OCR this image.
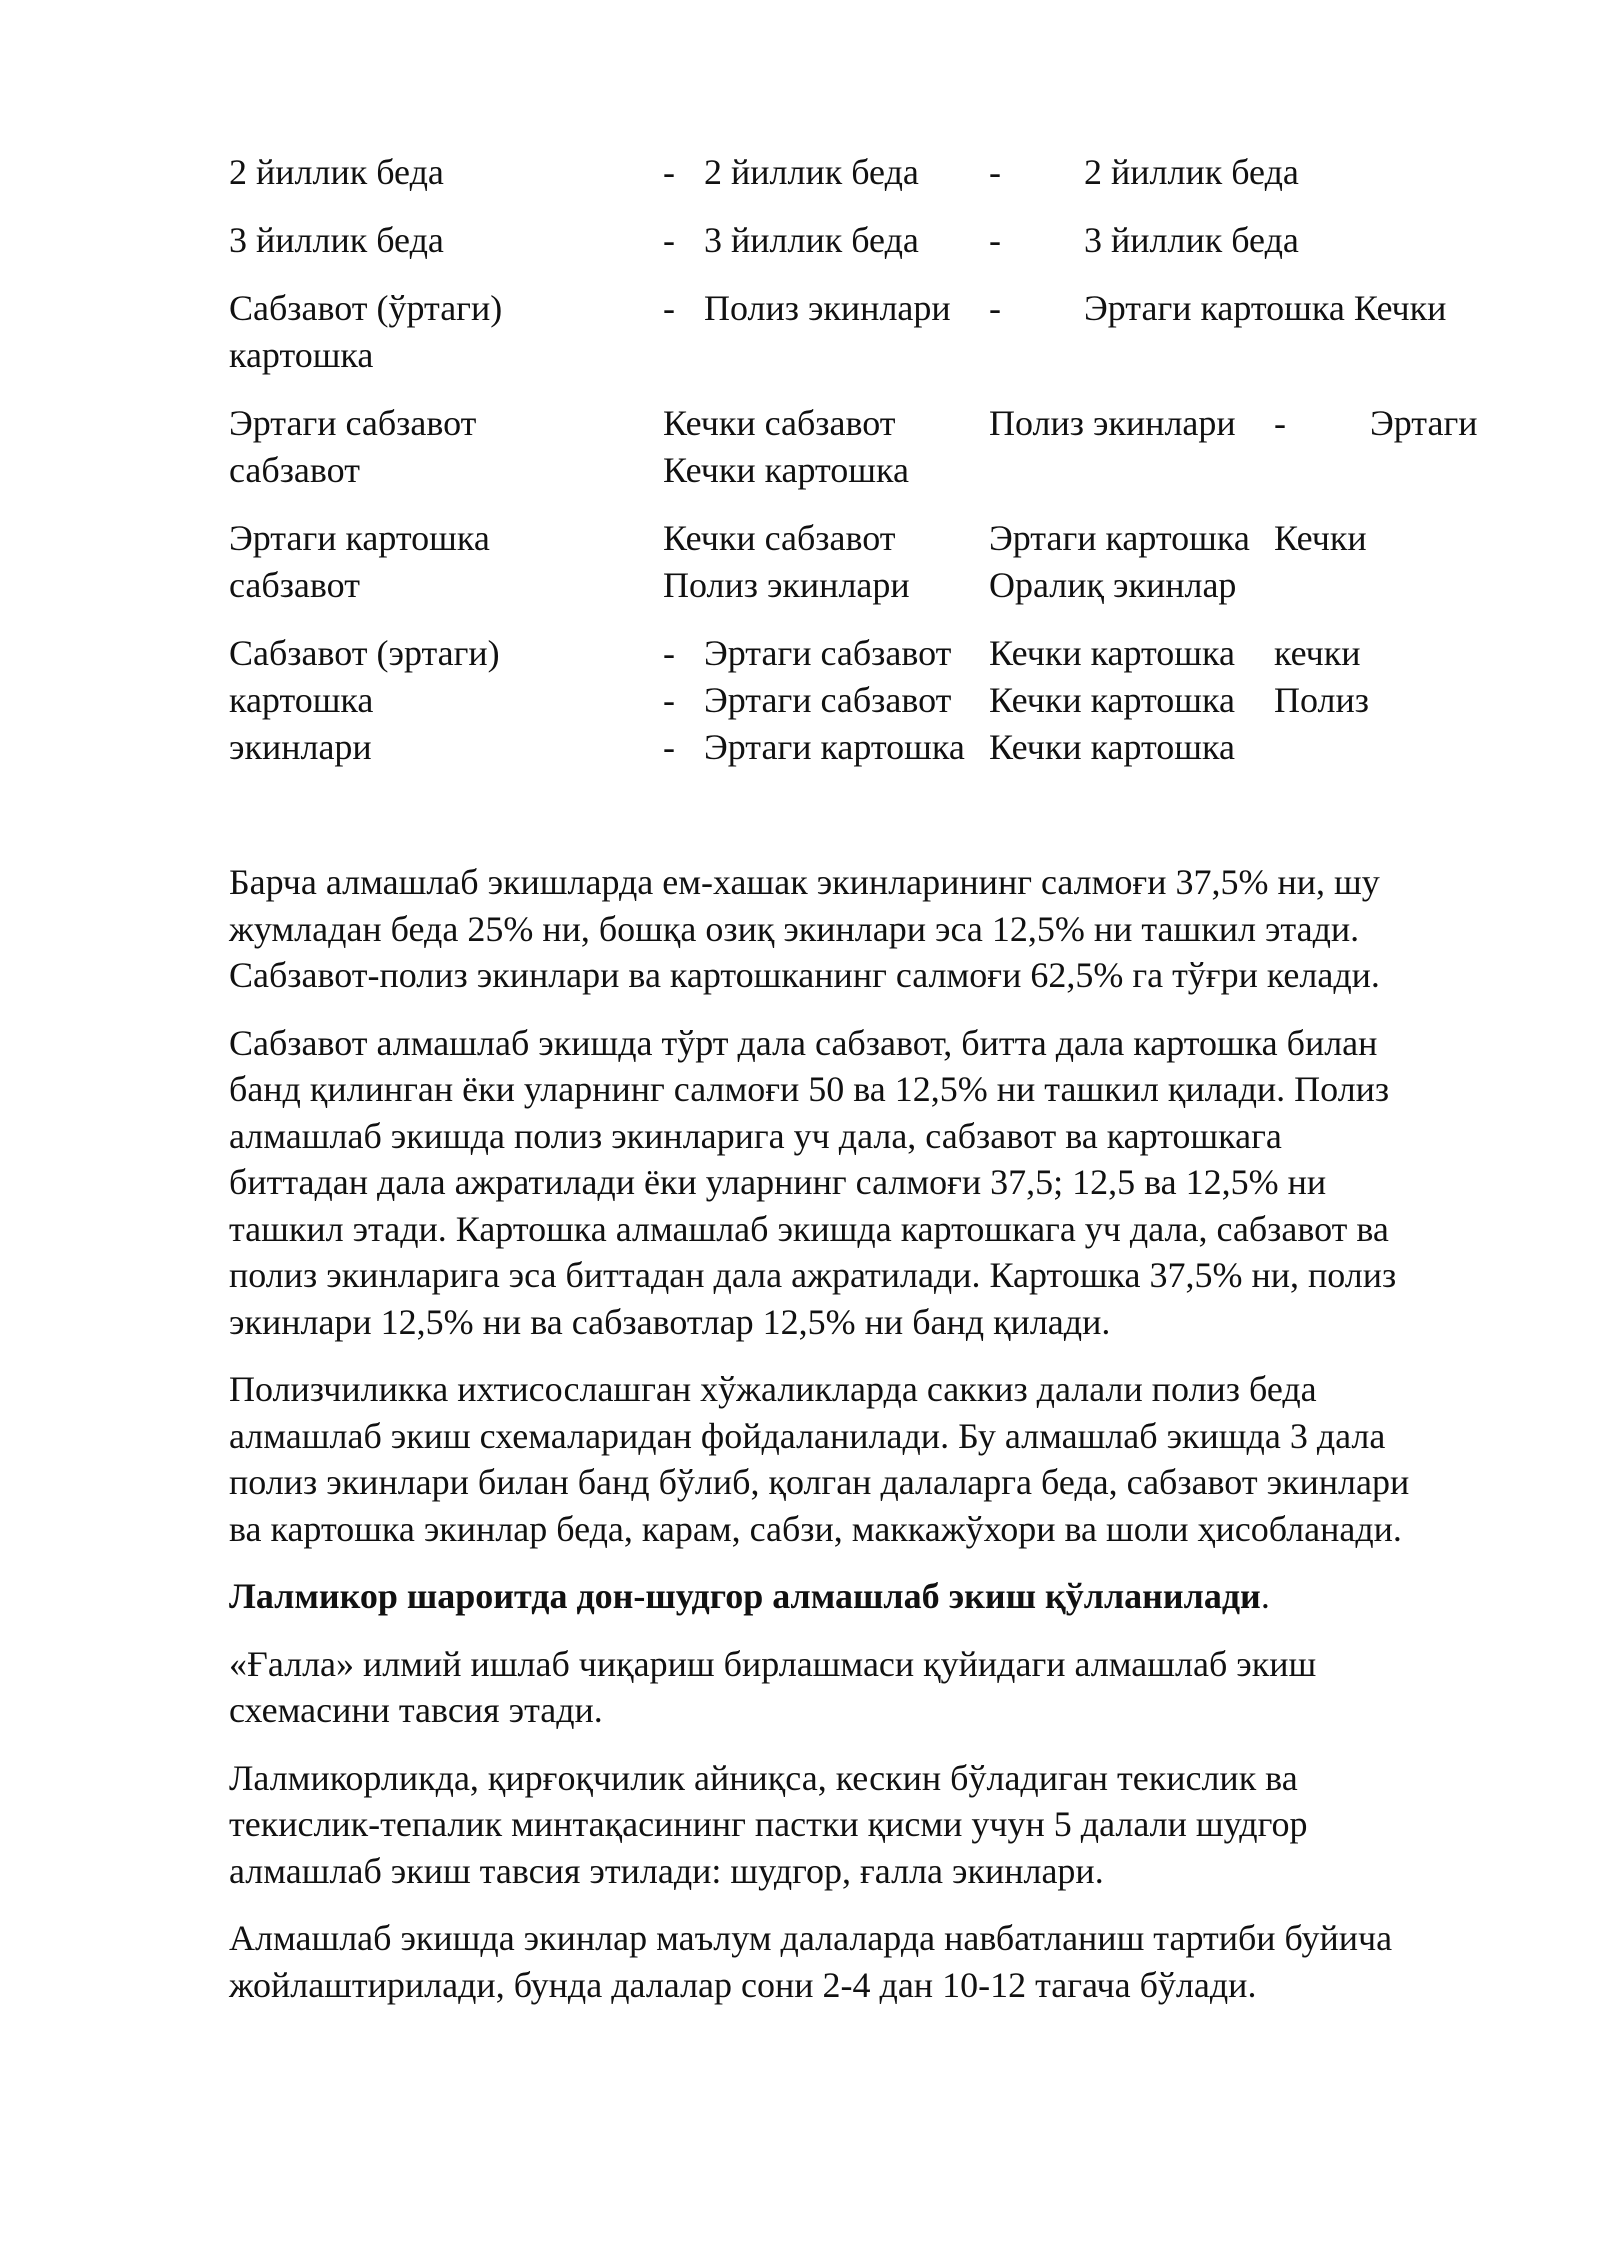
2 йиллик беда	- 2 йиллик беда - 2 йиллик беда
3 йиллик беда	- 3 йиллик беда - 3 йиллик беда
Сабзавот (ўртаги)
картошка
- Полиз экинлари - Эртаги картошка Кечки
Эртаги сабзавот
сабзавот
Кечки сабзавот
Кечки картошка
Полиз экинлари - Эртаги
Эртаги картошка
сабзавот
Кечки сабзавот
Полиз экинлари
Эртаги картошка
Оралиқ экинлар
Кечки
Сабзавот (эртаги)
картошка
экинлари
-
-
-
Эртаги сабзавот
Эртаги сабзавот
Эртаги картошка
Кечки картошка
Кечки картошка
Кечки картошка
кечки
Полиз

Барча алмашлаб экишларда ем-хашак экинларининг салмоғи 37,5% ни, шу
жумладан беда 25% ни, бошқа озиқ экинлари эса 12,5% ни ташкил этади.
Сабзавот-полиз экинлари ва картошканинг салмоғи 62,5% га тўғри келади.

Сабзавот алмашлаб экишда тўрт дала сабзавот, битта дала картошка билан
банд қилинган ёки уларнинг салмоғи 50 ва 12,5% ни ташкил қилади. Полиз
алмашлаб экишда полиз экинларига уч дала, сабзавот ва картошкага
биттадан дала ажратилади ёки уларнинг салмоғи 37,5; 12,5 ва 12,5% ни
ташкил этади. Картошка алмашлаб экишда картошкага уч дала, сабзавот ва
полиз экинларига эса биттадан дала ажратилади. Картошка 37,5% ни, полиз
экинлари 12,5% ни ва сабзавотлар 12,5% ни банд қилади.

Полизчиликка ихтисослашган хўжаликларда саккиз далали полиз беда
алмашлаб экиш схемаларидан фойдаланилади. Бу алмашлаб экишда 3 дала
полиз экинлари билан банд бўлиб, қолган далаларга беда, сабзавот экинлари
ва картошка экинлар беда, карам, сабзи, маккажўхори ва шоли ҳисобланади.

Лалмикор шароитда дон-шудгор алмашлаб экиш қўлланилади.

«Ғалла» илмий ишлаб чиқариш бирлашмаси қуйидаги алмашлаб экиш
схемасини тавсия этади.

Лалмикорликда, қирғоқчилик айниқса, кескин бўладиган текислик ва
текислик-тепалик минтақасининг пастки қисми учун 5 далали шудгор
алмашлаб экиш тавсия этилади: шудгор, ғалла экинлари.

Алмашлаб экишда экинлар маълум далаларда навбатланиш тартиби буйича
жойлаштирилади, бунда далалар сони 2-4 дан 10-12 тагача бўлади.
